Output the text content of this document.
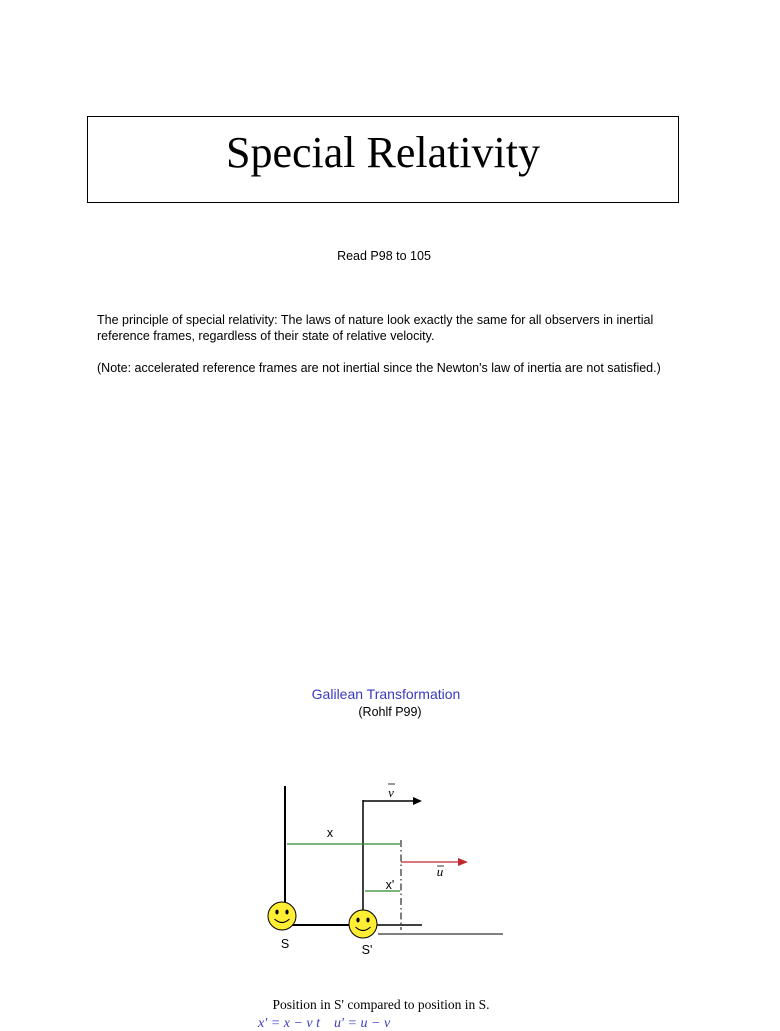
Special Relativity
Read P98 to 105

The principle of special relativity: The laws of nature look exactly the same for all observers in inertial reference frames, regardless of their state of relative velocity.

(Note: accelerated reference frames are not inertial since the Newton's law of inertia are not satisfied.)

Galilean Transformation
(Rohlf P99)
v
x
x'
u
S	S'
Position in S' compared to position in S.
x′ = x − v t    u′ = u − v
